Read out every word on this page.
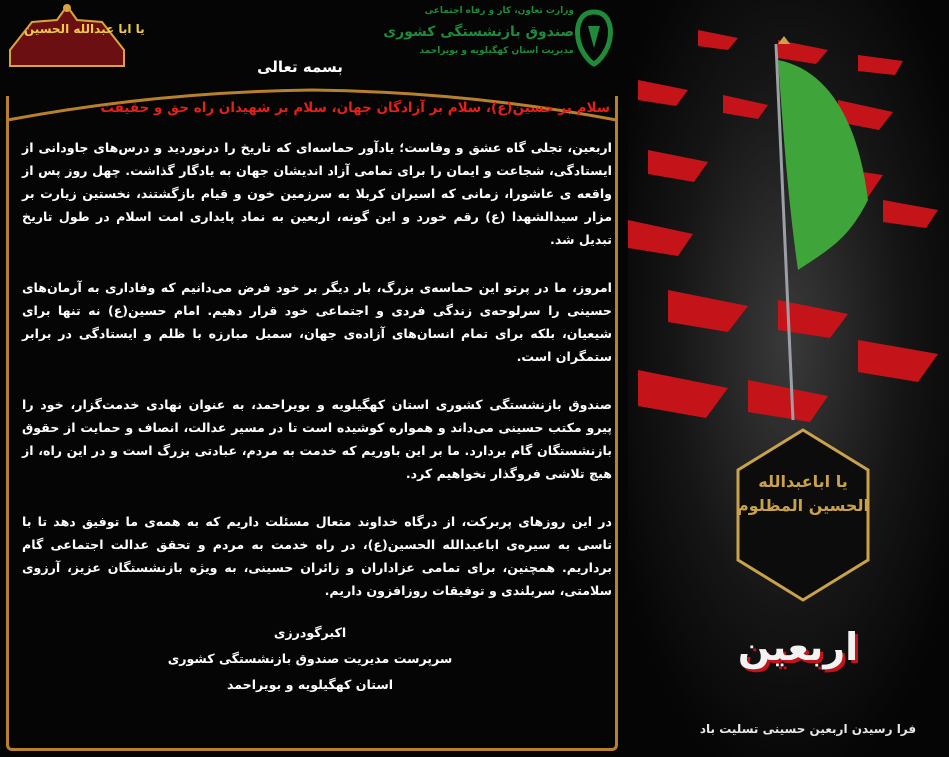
یا ابا عبدالله الحسین
وزارت تعاون، کار و رفاه اجتماعی
صندوق بازنشستگی کشوری
مدیریت استان کهگیلویه و بویراحمد
بسمه تعالی
سلام بر حسین(ع)، سلام بر آزادگان جهان، سلام بر شهیدان راه حق و حقیقت

اربعین، تجلی گاه عشق و وفاست؛ یادآور حماسه‌ای که تاریخ را درنوردید و درس‌های جاودانی از ایستادگی، شجاعت و ایمان را برای تمامی آزاد اندیشان جهان به یادگار گذاشت. چهل روز پس از واقعه ی عاشورا، زمانی که اسیران کربلا به سرزمین خون و قیام بازگشتند، نخستین زیارت بر مزار سیدالشهدا (ع) رقم خورد و این گونه، اربعین به نماد پایداری امت اسلام در طول تاریخ تبدیل شد.

امروز، ما در پرتو این حماسه‌ی بزرگ، بار دیگر بر خود فرض می‌دانیم که وفاداری به آرمان‌های حسینی را سرلوحه‌ی زندگی فردی و اجتماعی خود قرار دهیم. امام حسین(ع) نه تنها برای شیعیان، بلکه برای تمام انسان‌های آزاده‌ی جهان، سمبل مبارزه با ظلم و ایستادگی در برابر ستمگران است.

صندوق بازنشستگی کشوری استان کهگیلویه و بویراحمد، به عنوان نهادی خدمت‌گزار، خود را پیرو مکتب حسینی می‌داند و همواره کوشیده است تا در مسیر عدالت، انصاف و حمایت از حقوق بازنشستگان گام بردارد. ما بر این باوریم که خدمت به مردم، عبادتی بزرگ است و در این راه، از هیچ تلاشی فروگذار نخواهیم کرد.

در این روزهای پربرکت، از درگاه خداوند متعال مسئلت داریم که به همه‌ی ما توفیق دهد تا با تاسی به سیره‌ی اباعبدالله الحسین(ع)، در راه خدمت به مردم و تحقق عدالت اجتماعی گام برداریم. همچنین، برای تمامی عزاداران و زائران حسینی، به ویژه بازنشستگان عزیز، آرزوی سلامتی، سربلندی و توفیقات روزافزون داریم.

اکبرگودرزی
سرپرست مدیریت صندوق بازنشستگی کشوری
استان کهگیلویه و بویراحمد
یا اباعبدالله
الحسین المظلوم
اربعین
فرا رسیدن اربعین حسینی تسلیت باد
